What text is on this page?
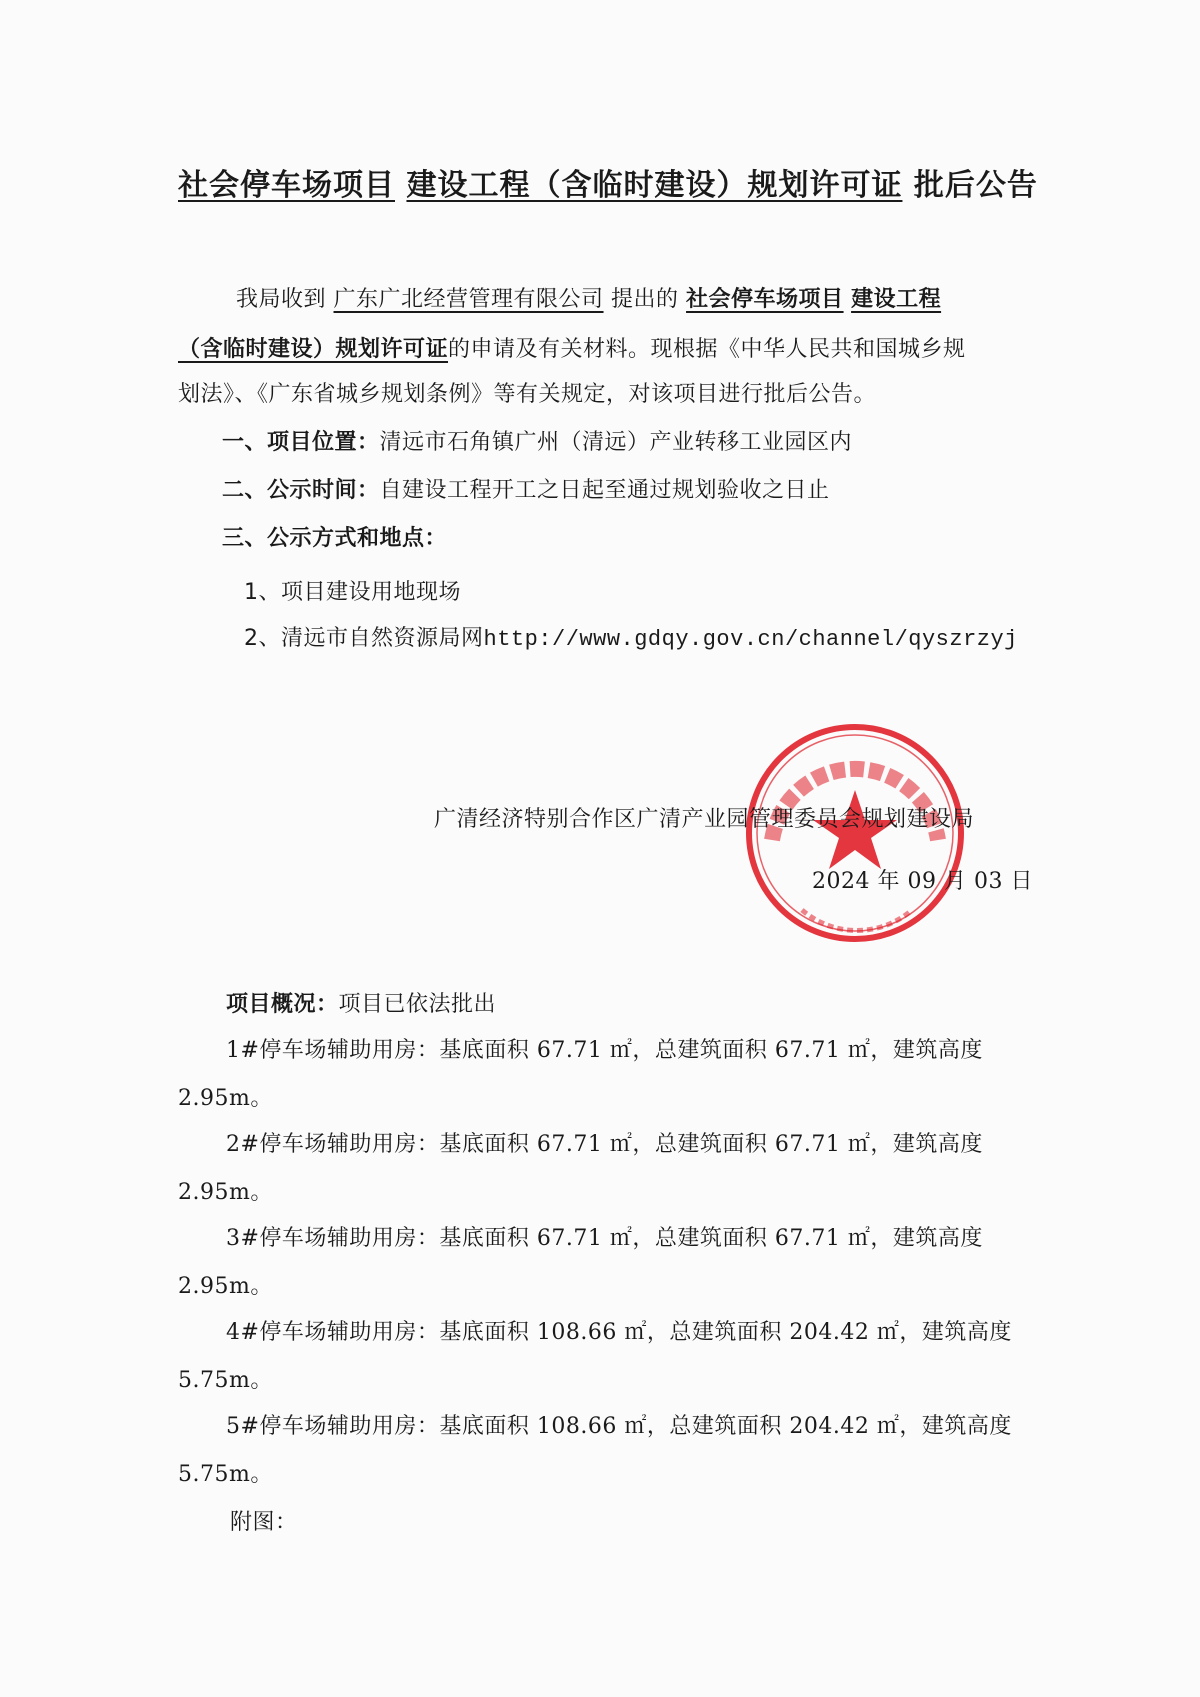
社会停车场项目 建设工程（含临时建设）规划许可证 批后公告
我局收到 广东广北经营管理有限公司 提出的 社会停车场项目 建设工程
（含临时建设）规划许可证的申请及有关材料。现根据《中华人民共和国城乡规
划法》、《广东省城乡规划条例》等有关规定，对该项目进行批后公告。
一、项目位置：清远市石角镇广州（清远）产业转移工业园区内
二、公示时间：自建设工程开工之日起至通过规划验收之日止
三、公示方式和地点：
1、项目建设用地现场
2、清远市自然资源局网http://www.gdqy.gov.cn/channel/qyszrzyj
广清经济特别合作区广清产业园管理委员会规划建设局
2024 年 09 月 03 日
项目概况：项目已依法批出
1#停车场辅助用房：基底面积 67.71 ㎡，总建筑面积 67.71 ㎡，建筑高度
2.95m。
2#停车场辅助用房：基底面积 67.71 ㎡，总建筑面积 67.71 ㎡，建筑高度
2.95m。
3#停车场辅助用房：基底面积 67.71 ㎡，总建筑面积 67.71 ㎡，建筑高度
2.95m。
4#停车场辅助用房：基底面积 108.66 ㎡，总建筑面积 204.42 ㎡，建筑高度
5.75m。
5#停车场辅助用房：基底面积 108.66 ㎡，总建筑面积 204.42 ㎡，建筑高度
5.75m。
附图：
